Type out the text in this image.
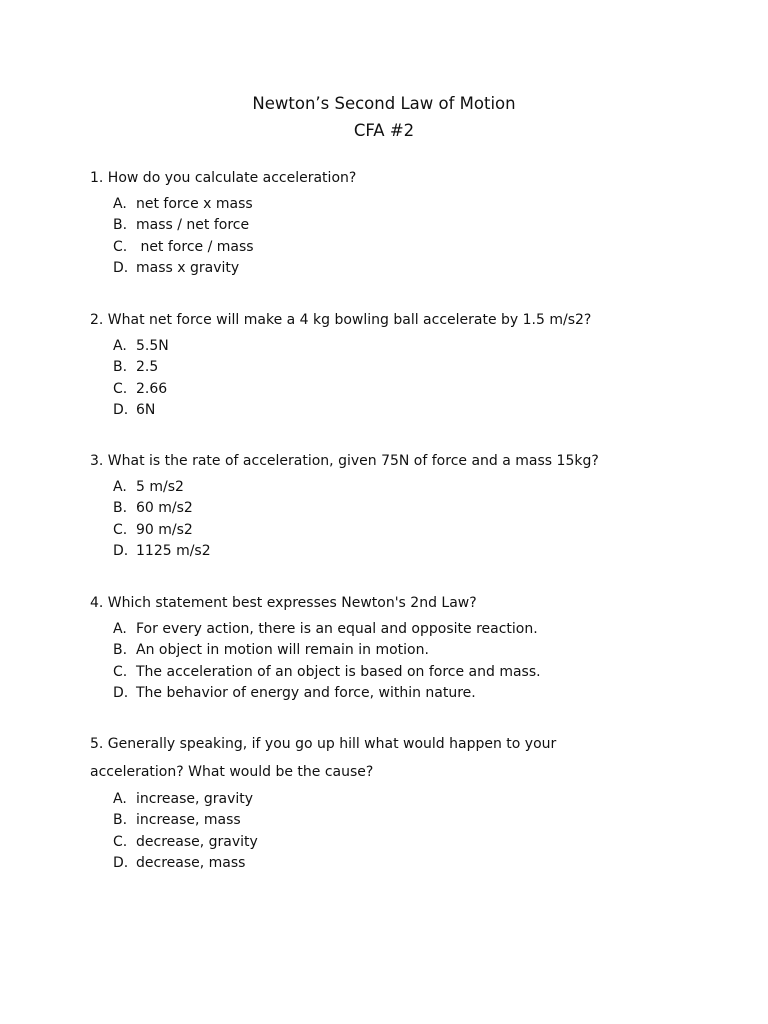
Newton’s Second Law of Motion
CFA #2
1. How do you calculate acceleration?
A. net force x mass
B. mass / net force
C. net force / mass
D. mass x gravity
2. What net force will make a 4 kg bowling ball accelerate by 1.5 m/s2?
A. 5.5N
B. 2.5
C. 2.66
D. 6N
3. What is the rate of acceleration, given 75N of force and a mass 15kg?
A. 5 m/s2
B. 60 m/s2
C. 90 m/s2
D. 1125 m/s2
4. Which statement best expresses Newton's 2nd Law?
A. For every action, there is an equal and opposite reaction.
B. An object in motion will remain in motion.
C. The acceleration of an object is based on force and mass.
D. The behavior of energy and force, within nature.
5. Generally speaking, if you go up hill what would happen to your
acceleration? What would be the cause?
A. increase, gravity
B. increase, mass
C. decrease, gravity
D. decrease, mass
